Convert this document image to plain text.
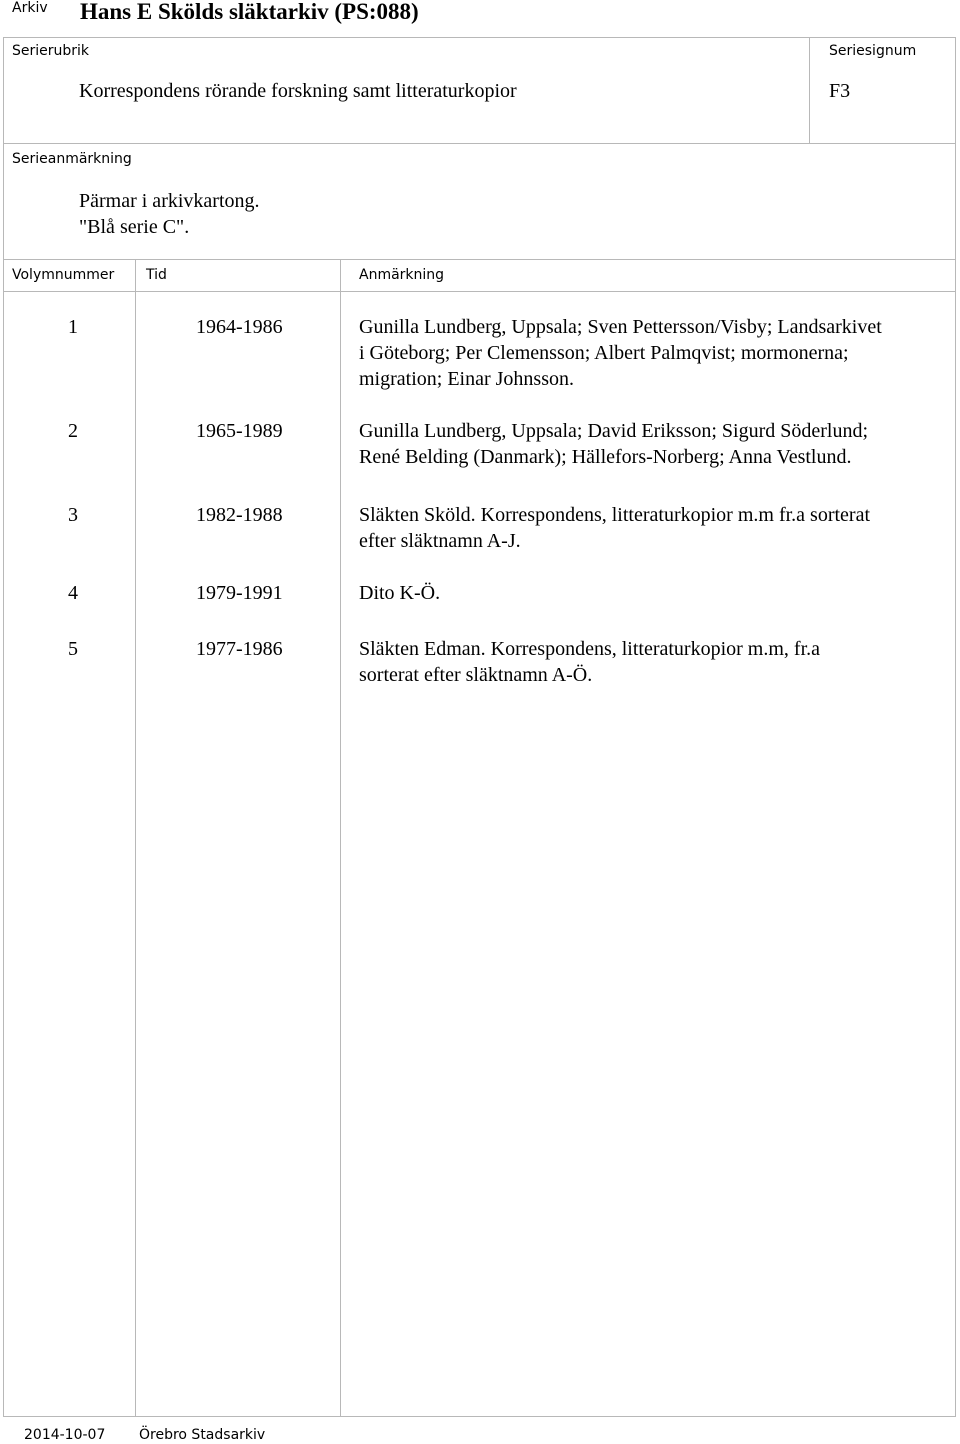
Arkiv Hans E Skölds släktarkiv (PS:088)
Serierubrik
Korrespondens rörande forskning samt litteraturkopior
Seriesignum
F3
Serieanmärkning
Pärmar i arkivkartong.
"Blå serie C".
Volymnummer Tid	Anmärkning
1	1964-1986	Gunilla Lundberg, Uppsala; Sven Pettersson/Visby; Landsarkivet
i Göteborg; Per Clemensson; Albert Palmqvist; mormonerna;
migration; Einar Johnsson.
2	1965-1989	Gunilla Lundberg, Uppsala; David Eriksson; Sigurd Söderlund;
René Belding (Danmark); Hällefors-Norberg; Anna Vestlund.
3	1982-1988	Släkten Sköld. Korrespondens, litteraturkopior m.m fr.a sorterat
efter släktnamn A-J.
4	1979-1991	Dito K-Ö.
5	1977-1986	Släkten Edman. Korrespondens, litteraturkopior m.m, fr.a
sorterat efter släktnamn A-Ö.
2014-10-07 Örebro Stadsarkiv
